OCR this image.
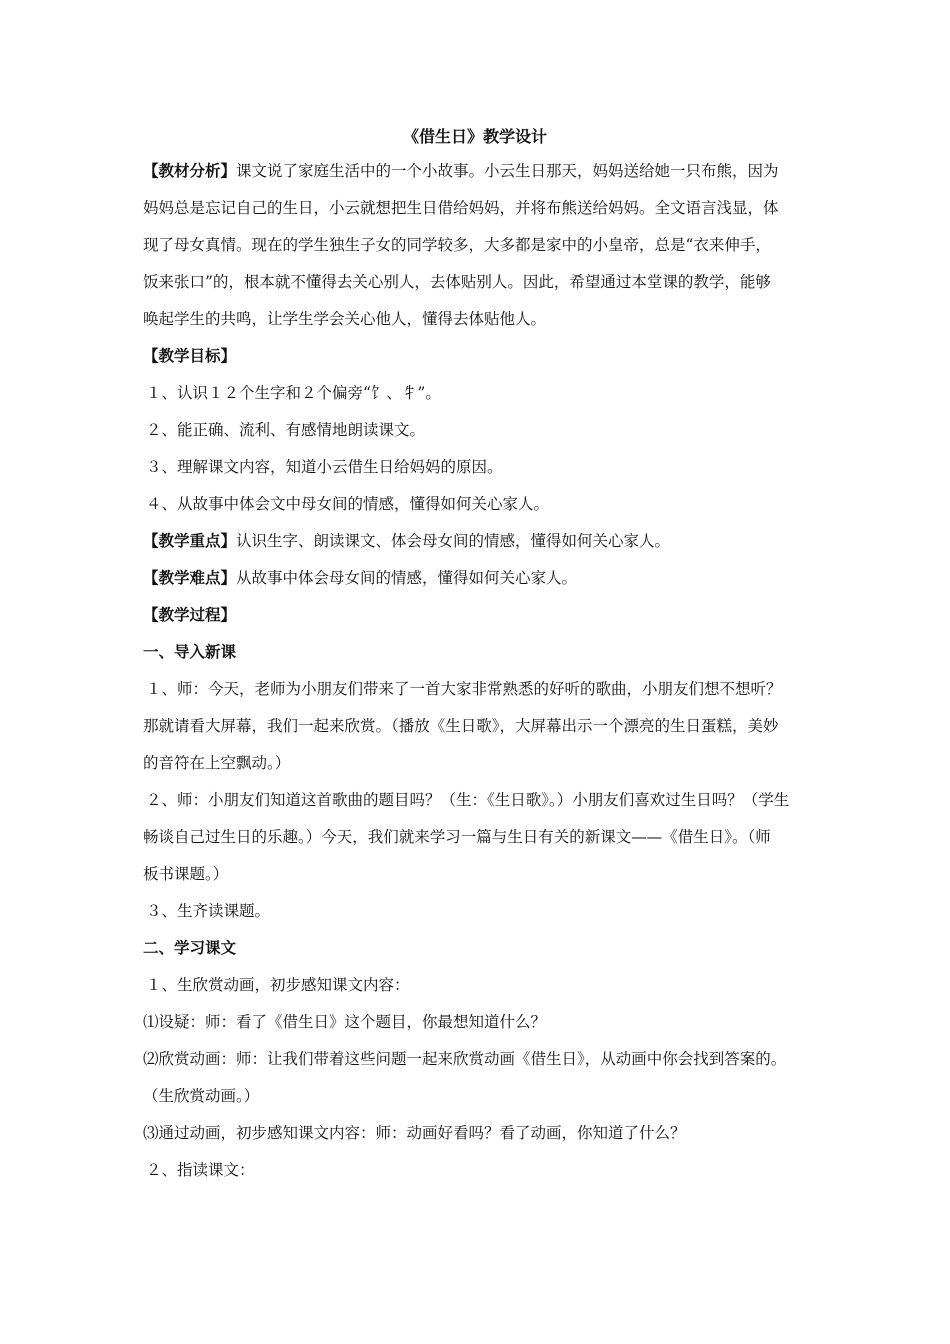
《借生日》教学设计

【教材分析】课文说了家庭生活中的一个小故事。小云生日那天，妈妈送给她一只布熊，因为

妈妈总是忘记自己的生日，小云就想把生日借给妈妈，并将布熊送给妈妈。全文语言浅显，体

现了母女真情。现在的学生独生子女的同学较多，大多都是家中的小皇帝，总是“衣来伸手，

饭来张口”的，根本就不懂得去关心别人，去体贴别人。因此，希望通过本堂课的教学，能够

唤起学生的共鸣，让学生学会关心他人，懂得去体贴他人。

【教学目标】

１、认识１２个生字和２个偏旁“饣、牜”。

２、能正确、流利、有感情地朗读课文。

３、理解课文内容，知道小云借生日给妈妈的原因。

４、从故事中体会文中母女间的情感，懂得如何关心家人。

【教学重点】认识生字、朗读课文、体会母女间的情感，懂得如何关心家人。

【教学难点】从故事中体会母女间的情感，懂得如何关心家人。

【教学过程】

一、导入新课

１、师：今天，老师为小朋友们带来了一首大家非常熟悉的好听的歌曲，小朋友们想不想听？

那就请看大屏幕，我们一起来欣赏。（播放《生日歌》，大屏幕出示一个漂亮的生日蛋糕，美妙

的音符在上空飘动。）

２、师：小朋友们知道这首歌曲的题目吗？（生：《生日歌》。）小朋友们喜欢过生日吗？（学生

畅谈自己过生日的乐趣。）今天，我们就来学习一篇与生日有关的新课文——《借生日》。（师

板书课题。）

３、生齐读课题。

二、学习课文

１、生欣赏动画，初步感知课文内容：

⑴设疑：师：看了《借生日》这个题目，你最想知道什么？

⑵欣赏动画：师：让我们带着这些问题一起来欣赏动画《借生日》，从动画中你会找到答案的。

（生欣赏动画。）

⑶通过动画，初步感知课文内容：师：动画好看吗？看了动画，你知道了什么？

２、指读课文：
